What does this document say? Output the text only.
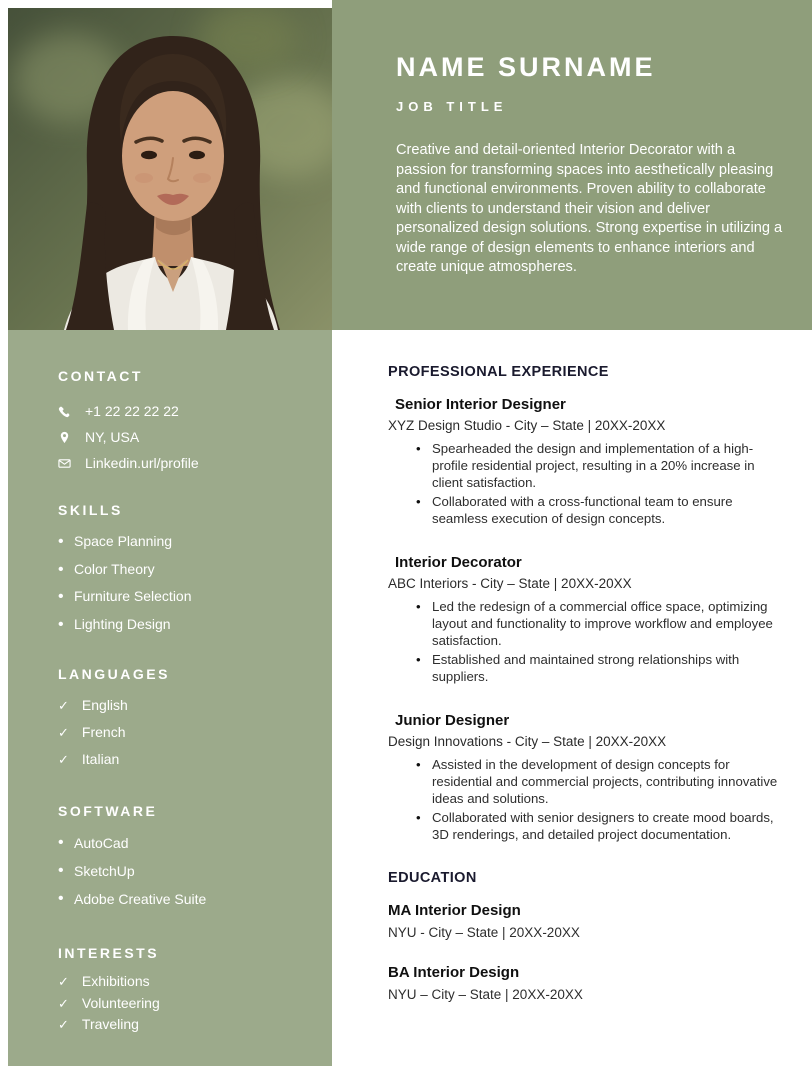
NAME SURNAME
JOB TITLE

Creative and detail-oriented Interior Decorator with a passion for transforming spaces into aesthetically pleasing and functional environments. Proven ability to collaborate with clients to understand their vision and deliver personalized design solutions. Strong expertise in utilizing a wide range of design elements to enhance interiors and create unique atmospheres.

CONTACT
+1 22 22 22 22
NY, USA
Linkedin.url/profile
SKILLS
• Space Planning
• Color Theory
• Furniture Selection
• Lighting Design
LANGUAGES
✓ English
✓ French
✓ Italian
SOFTWARE
• AutoCad
• SketchUp
• Adobe Creative Suite
INTERESTS
✓ Exhibitions
✓ Volunteering
✓ Traveling
PROFESSIONAL EXPERIENCE
Senior Interior Designer
XYZ Design Studio - City – State | 20XX-20XX
• Spearheaded the design and implementation of a high-profile residential project, resulting in a 20% increase in client satisfaction.
• Collaborated with a cross-functional team to ensure seamless execution of design concepts.
Interior Decorator
ABC Interiors - City – State | 20XX-20XX
• Led the redesign of a commercial office space, optimizing layout and functionality to improve workflow and employee satisfaction.
• Established and maintained strong relationships with suppliers.
Junior Designer
Design Innovations - City – State | 20XX-20XX
• Assisted in the development of design concepts for residential and commercial projects, contributing innovative ideas and solutions.
• Collaborated with senior designers to create mood boards, 3D renderings, and detailed project documentation.
EDUCATION
MA Interior Design
NYU - City – State | 20XX-20XX
BA Interior Design
NYU – City – State | 20XX-20XX
